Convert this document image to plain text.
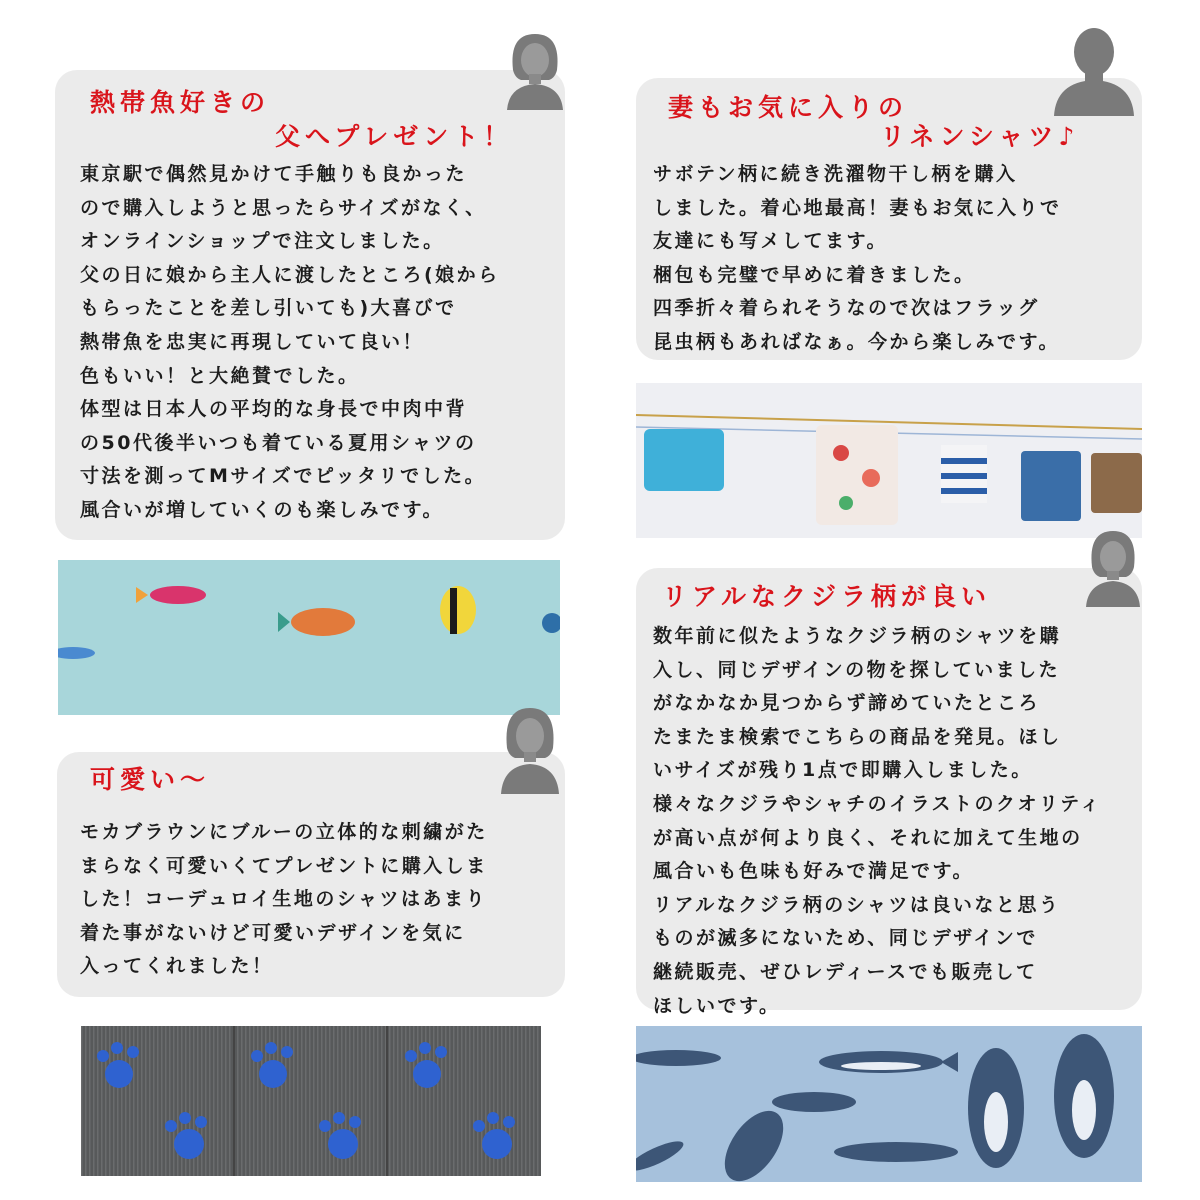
熱帯魚好きの
父へプレゼント！
東京駅で偶然見かけて手触りも良かった
ので購入しようと思ったらサイズがなく、
オンラインショップで注文しました。
父の日に娘から主人に渡したところ(娘から
もらったことを差し引いても)大喜びで
熱帯魚を忠実に再現していて良い！
色もいい！と大絶賛でした。
体型は日本人の平均的な身長で中肉中背
の50代後半いつも着ている夏用シャツの
寸法を測ってMサイズでピッタリでした。
風合いが増していくのも楽しみです。
妻もお気に入りの
リネンシャツ♪
サボテン柄に続き洗濯物干し柄を購入
しました。着心地最高！妻もお気に入りで
友達にも写メしてます。
梱包も完璧で早めに着きました。
四季折々着られそうなので次はフラッグ
昆虫柄もあればなぁ。今から楽しみです。
可愛い～
モカブラウンにブルーの立体的な刺繍がた
まらなく可愛いくてプレゼントに購入しま
した！コーデュロイ生地のシャツはあまり
着た事がないけど可愛いデザインを気に
入ってくれました！
リアルなクジラ柄が良い
数年前に似たようなクジラ柄のシャツを購
入し、同じデザインの物を探していました
がなかなか見つからず諦めていたところ
たまたま検索でこちらの商品を発見。ほし
いサイズが残り1点で即購入しました。
様々なクジラやシャチのイラストのクオリティ
が高い点が何より良く、それに加えて生地の
風合いも色味も好みで満足です。
リアルなクジラ柄のシャツは良いなと思う
ものが滅多にないため、同じデザインで
継続販売、ぜひレディースでも販売して
ほしいです。
